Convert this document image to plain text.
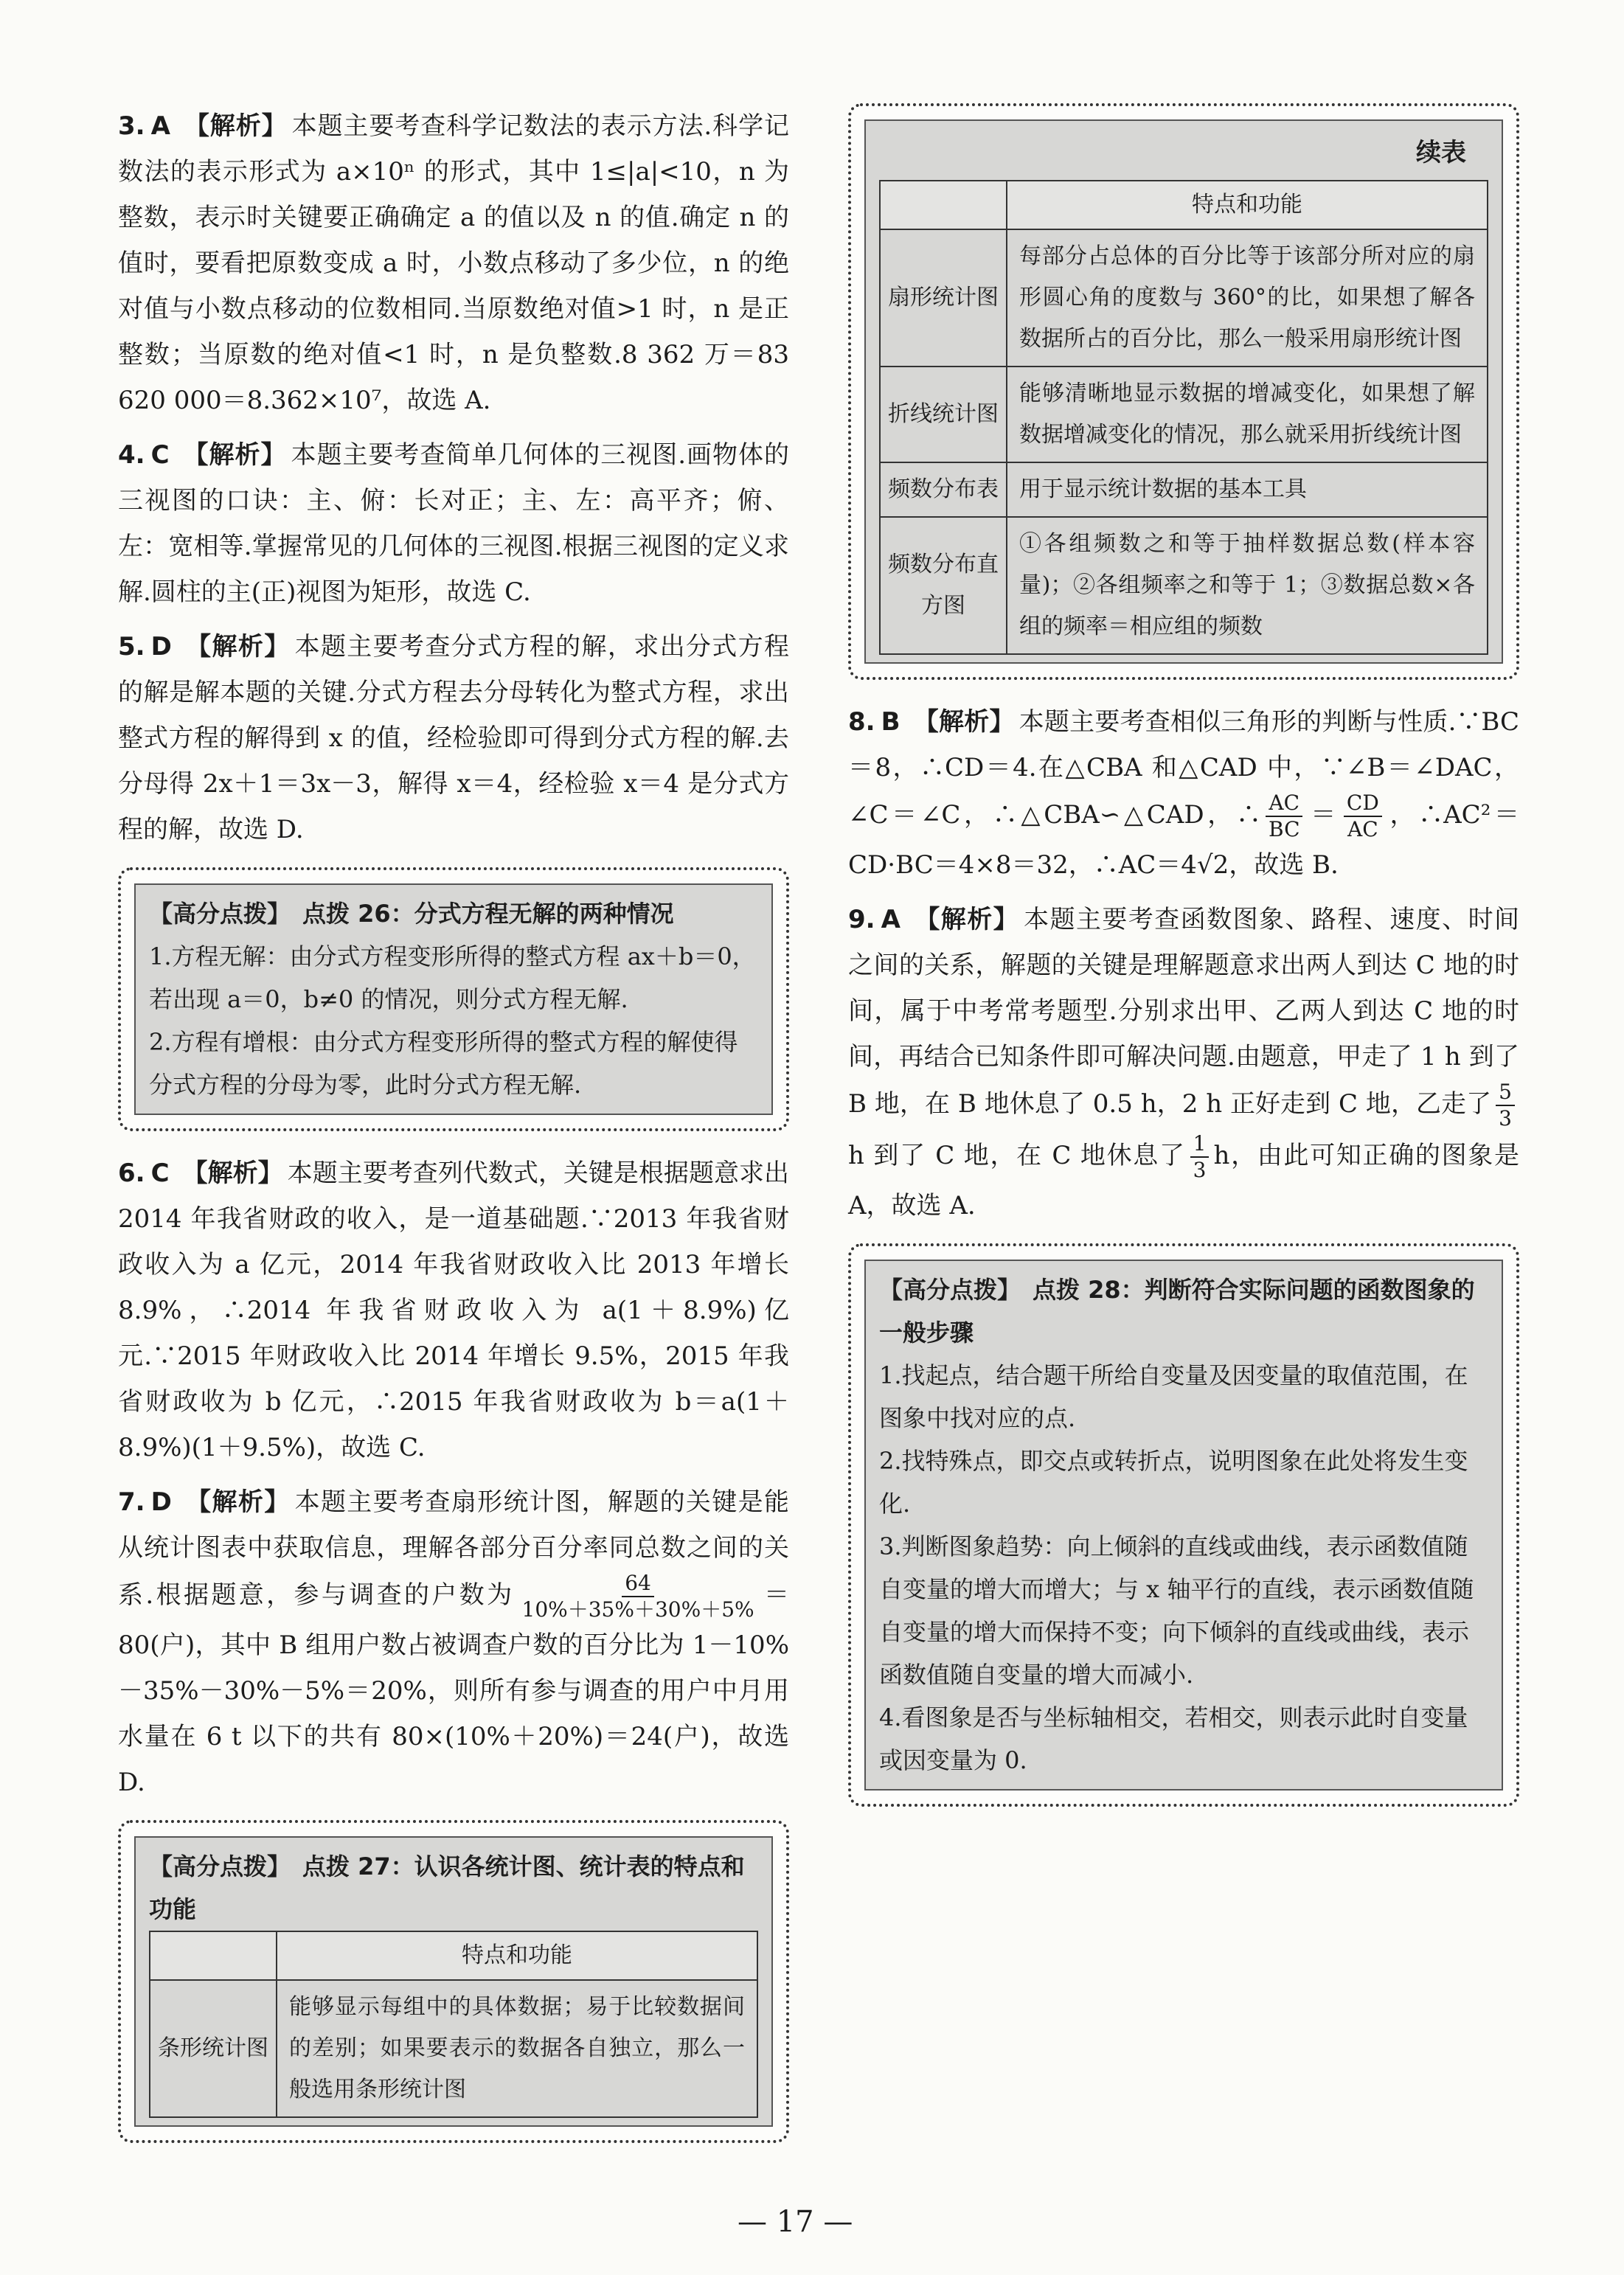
3. A 【解析】 本题主要考查科学记数法的表示方法.科学记数法的表示形式为 a×10ⁿ 的形式，其中 1≤|a|<10，n 为整数，表示时关键要正确确定 a 的值以及 n 的值.确定 n 的值时，要看把原数变成 a 时，小数点移动了多少位，n 的绝对值与小数点移动的位数相同.当原数绝对值>1 时，n 是正整数；当原数的绝对值<1 时，n 是负整数.8 362 万＝83 620 000＝8.362×10⁷，故选 A.

4. C 【解析】 本题主要考查简单几何体的三视图.画物体的三视图的口诀：主、俯：长对正；主、左：高平齐；俯、左：宽相等.掌握常见的几何体的三视图.根据三视图的定义求解.圆柱的主(正)视图为矩形，故选 C.

5. D 【解析】 本题主要考查分式方程的解，求出分式方程的解是解本题的关键.分式方程去分母转化为整式方程，求出整式方程的解得到 x 的值，经检验即可得到分式方程的解.去分母得 2x＋1＝3x－3，解得 x＝4，经检验 x＝4 是分式方程的解，故选 D.

【高分点拨】　点拨 26：分式方程无解的两种情况

1.方程无解：由分式方程变形所得的整式方程 ax＋b＝0，若出现 a＝0，b≠0 的情况，则分式方程无解.

2.方程有增根：由分式方程变形所得的整式方程的解使得分式方程的分母为零，此时分式方程无解.

6. C 【解析】 本题主要考查列代数式，关键是根据题意求出 2014 年我省财政的收入，是一道基础题.∵2013 年我省财政收入为 a 亿元，2014 年我省财政收入比 2013 年增长 8.9%，∴2014 年我省财政收入为 a(1＋8.9%)亿元.∵2015 年财政收入比 2014 年增长 9.5%，2015 年我省财政收为 b 亿元，∴2015 年我省财政收为 b＝a(1＋8.9%)(1＋9.5%)，故选 C.

7. D 【解析】 本题主要考查扇形统计图，解题的关键是能从统计图表中获取信息，理解各部分百分率同总数之间的关系.根据题意，参与调查的户数为 $\frac{64}{10\%+35\%+30\%+5\%} =80$(户)，其中 B 组用户数占被调查户数的百分比为 1－10%－35%－30%－5%＝20%，则所有参与调查的用户中月用水量在 6 t 以下的共有 80×(10%＋20%)＝24(户)，故选 D.

【高分点拨】　点拨 27：认识各统计图、统计表的特点和功能
	特点和功能
条形统计图	能够显示每组中的具体数据；易于比较数据间的差别；如果要表示的数据各自独立，那么一般选用条形统计图
续表
	特点和功能
扇形统计图	每部分占总体的百分比等于该部分所对应的扇形圆心角的度数与 360°的比，如果想了解各数据所占的百分比，那么一般采用扇形统计图
折线统计图	能够清晰地显示数据的增减变化，如果想了解数据增减变化的情况，那么就采用折线统计图
频数分布表	用于显示统计数据的基本工具
频数分布直方图	①各组频数之和等于抽样数据总数(样本容量)；②各组频率之和等于 1；③数据总数×各组的频率＝相应组的频数

8. B 【解析】 本题主要考查相似三角形的判断与性质.∵BC＝8，∴CD＝4.在△CBA 和△CAD 中，∵∠B＝∠DAC，∠C＝∠C，∴△CBA∽△CAD，∴ $\frac{AC}{BC} = \frac{CD}{AC}$ ，∴AC²＝CD·BC＝4×8＝32，∴AC＝4√2，故选 B.

9. A 【解析】 本题主要考查函数图象、路程、速度、时间之间的关系，解题的关键是理解题意求出两人到达 C 地的时间，属于中考常考题型.分别求出甲、乙两人到达 C 地的时间，再结合已知条件即可解决问题.由题意，甲走了 1 h 到了 B 地，在 B 地休息了 0.5 h，2 h 正好走到 C 地，乙走了 $\frac{5}{3}$
h 到了 C 地，在 C 地休息了 $\frac{1}{3}$ h，由此可知正确的图象是 A，故选 A.

【高分点拨】　点拨 28：判断符合实际问题的函数图象的一般步骤

1.找起点，结合题干所给自变量及因变量的取值范围，在图象中找对应的点.

2.找特殊点，即交点或转折点，说明图象在此处将发生变化.

3.判断图象趋势：向上倾斜的直线或曲线，表示函数值随自变量的增大而增大；与 x 轴平行的直线，表示函数值随自变量的增大而保持不变；向下倾斜的直线或曲线，表示函数值随自变量的增大而减小.

4.看图象是否与坐标轴相交，若相交，则表示此时自变量或因变量为 0.

— 17 —
